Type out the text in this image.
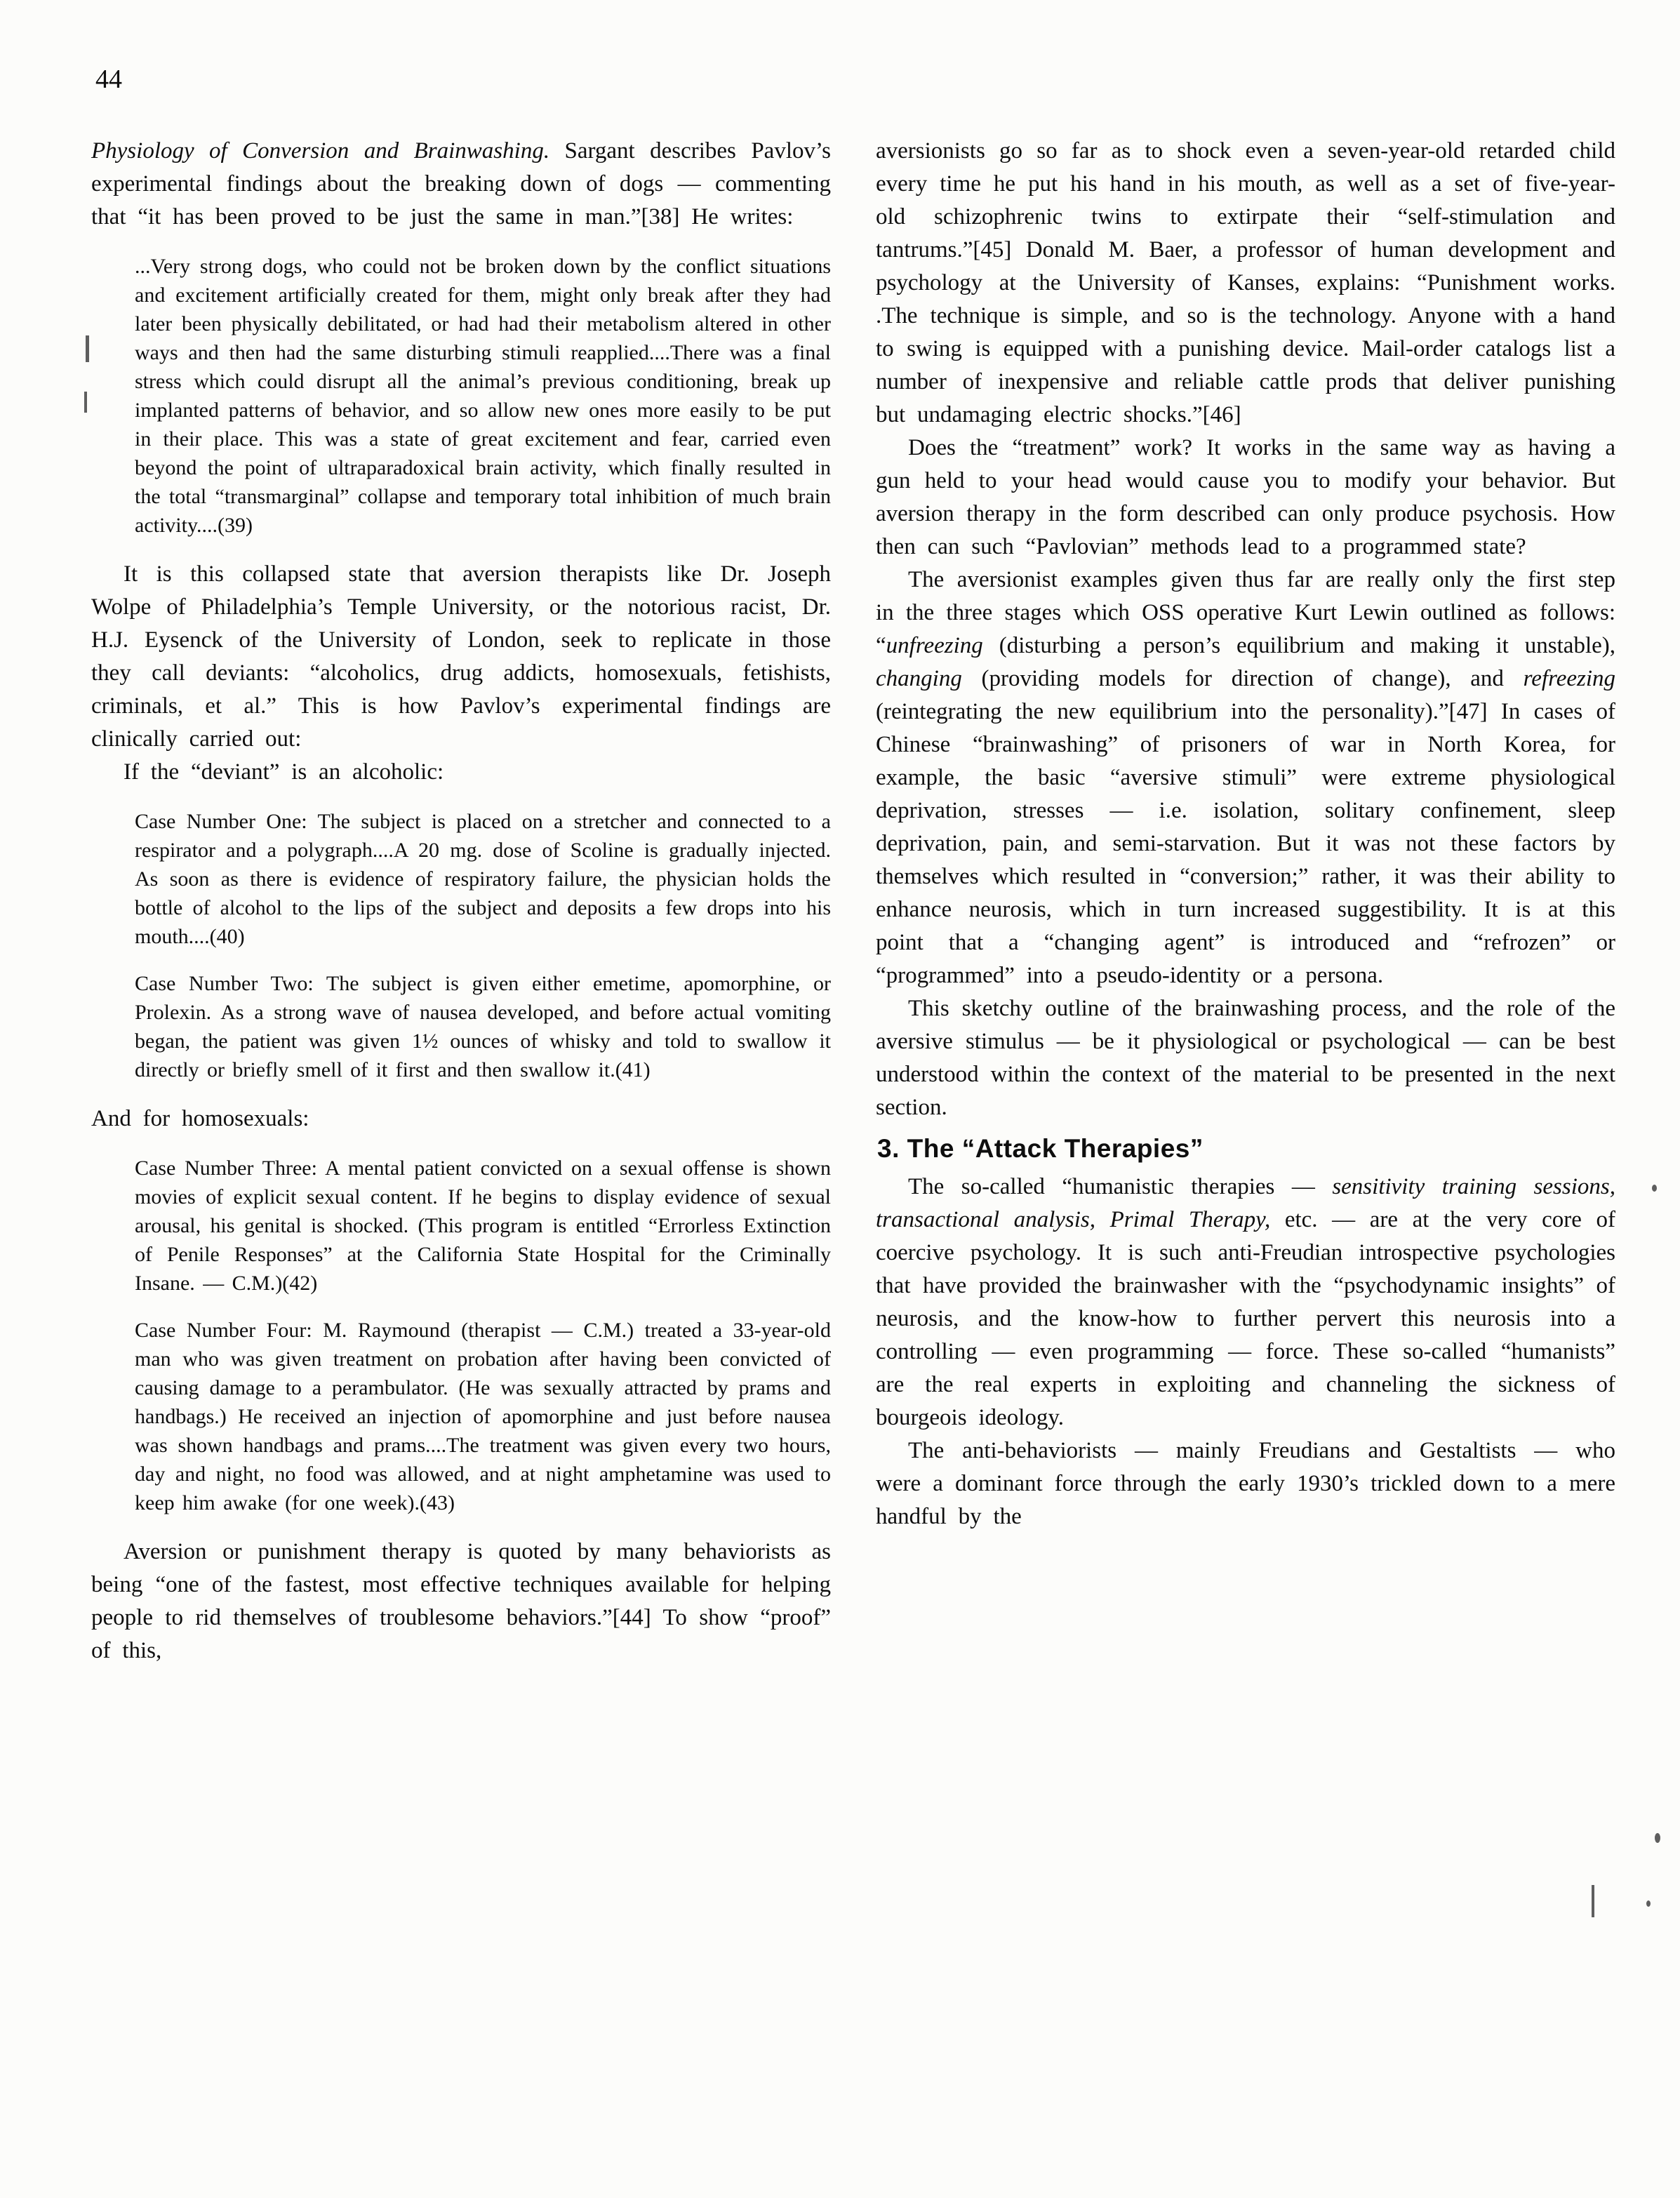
44

Physiology of Conversion and Brainwashing. Sargant describes Pavlov’s experimental findings about the breaking down of dogs — commenting that “it has been proved to be just the same in man.”[38] He writes:

...Very strong dogs, who could not be broken down by the conflict situations and excitement artificially created for them, might only break after they had later been physically debilitated, or had had their metabolism altered in other ways and then had the same disturbing stimuli reapplied....There was a final stress which could disrupt all the animal’s previous conditioning, break up implanted patterns of behavior, and so allow new ones more easily to be put in their place. This was a state of great excitement and fear, carried even beyond the point of ultraparadoxical brain activity, which finally resulted in the total “transmarginal” collapse and temporary total inhibition of much brain activity....(39)

It is this collapsed state that aversion therapists like Dr. Joseph Wolpe of Philadelphia’s Temple University, or the notorious racist, Dr. H.J. Eysenck of the University of London, seek to replicate in those they call deviants: “alcoholics, drug addicts, homosexuals, fetishists, criminals, et al.” This is how Pavlov’s experimental findings are clinically carried out:

If the “deviant” is an alcoholic:

Case Number One: The subject is placed on a stretcher and connected to a respirator and a polygraph....A 20 mg. dose of Scoline is gradually injected. As soon as there is evidence of respiratory failure, the physician holds the bottle of alcohol to the lips of the subject and deposits a few drops into his mouth....(40)
Case Number Two: The subject is given either emetime, apomorphine, or Prolexin. As a strong wave of nausea developed, and before actual vomiting began, the patient was given 1½ ounces of whisky and told to swallow it directly or briefly smell of it first and then swallow it.(41)

And for homosexuals:

Case Number Three: A mental patient convicted on a sexual offense is shown movies of explicit sexual content. If he begins to display evidence of sexual arousal, his genital is shocked. (This program is entitled “Errorless Extinction of Penile Responses” at the California State Hospital for the Criminally Insane. — C.M.)(42)
Case Number Four: M. Raymound (therapist — C.M.) treated a 33-year-old man who was given treatment on probation after having been convicted of causing damage to a perambulator. (He was sexually attracted by prams and handbags.) He received an injection of apomorphine and just before nausea was shown handbags and prams....The treatment was given every two hours, day and night, no food was allowed, and at night amphetamine was used to keep him awake (for one week).(43)

Aversion or punishment therapy is quoted by many behaviorists as being “one of the fastest, most effective techniques available for helping people to rid themselves of troublesome behaviors.”[44] To show “proof” of this,

aversionists go so far as to shock even a seven-year-old retarded child every time he put his hand in his mouth, as well as a set of five-year-old schizophrenic twins to extirpate their “self-stimulation and tantrums.”[45] Donald M. Baer, a professor of human development and psychology at the University of Kanses, explains: “Punishment works. .The technique is simple, and so is the technology. Anyone with a hand to swing is equipped with a punishing device. Mail-order catalogs list a number of inexpensive and reliable cattle prods that deliver punishing but undamaging electric shocks.”[46]

Does the “treatment” work? It works in the same way as having a gun held to your head would cause you to modify your behavior. But aversion therapy in the form described can only produce psychosis. How then can such “Pavlovian” methods lead to a programmed state?

The aversionist examples given thus far are really only the first step in the three stages which OSS operative Kurt Lewin outlined as follows: “unfreezing (disturbing a person’s equilibrium and making it unstable), changing (providing models for direction of change), and refreezing (reintegrating the new equilibrium into the personality).”[47] In cases of Chinese “brainwashing” of prisoners of war in North Korea, for example, the basic “aversive stimuli” were extreme physiological deprivation, stresses — i.e. isolation, solitary confinement, sleep deprivation, pain, and semi-starvation. But it was not these factors by themselves which resulted in “conversion;” rather, it was their ability to enhance neurosis, which in turn increased suggestibility. It is at this point that a “changing agent” is introduced and “refrozen” or “programmed” into a pseudo-identity or a persona.

This sketchy outline of the brainwashing process, and the role of the aversive stimulus — be it physiological or psychological — can be best understood within the context of the material to be presented in the next section.

3. The “Attack Therapies”

The so-called “humanistic therapies — sensitivity training sessions, transactional analysis, Primal Therapy, etc. — are at the very core of coercive psychology. It is such anti-Freudian introspective psychologies that have provided the brainwasher with the “psychodynamic insights” of neurosis, and the know-how to further pervert this neurosis into a controlling — even programming — force. These so-called “humanists” are the real experts in exploiting and channeling the sickness of bourgeois ideology.

The anti-behaviorists — mainly Freudians and Gestaltists — who were a dominant force through the early 1930’s trickled down to a mere handful by the
